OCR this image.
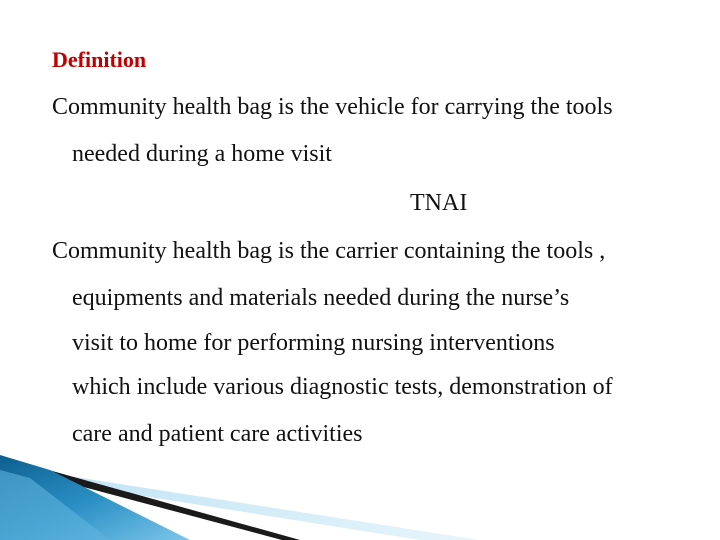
Definition
Community health bag is the vehicle for carrying the tools
needed during a home visit
TNAI
Community health bag is the carrier containing the tools ,
equipments and materials needed during the nurse’s
visit to home for performing nursing interventions
which include various diagnostic tests, demonstration of
care and patient care activities
